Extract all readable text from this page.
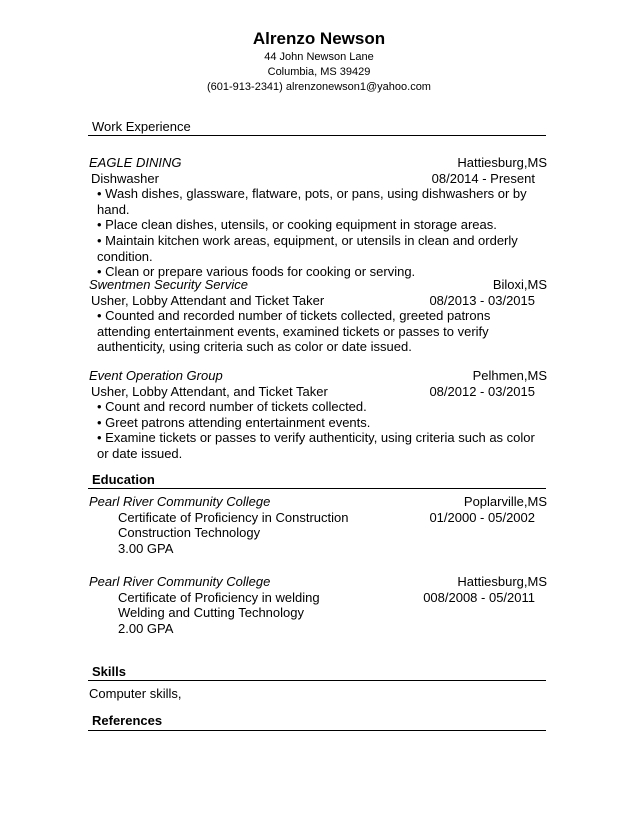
Alrenzo Newson
44 John Newson Lane
Columbia, MS 39429
(601-913-2341) alrenzonewson1@yahoo.com
Work Experience
EAGLE DINING	Hattiesburg,MS
Dishwasher	08/2014 - Present
• Wash dishes, glassware, flatware, pots, or pans, using dishwashers or by hand.
• Place clean dishes, utensils, or cooking equipment in storage areas.
• Maintain kitchen work areas, equipment, or utensils in clean and orderly condition.
• Clean or prepare various foods for cooking or serving.
Swentmen Security Service	Biloxi,MS
Usher, Lobby Attendant and Ticket Taker	08/2013 - 03/2015
• Counted and recorded number of tickets collected, greeted patrons attending entertainment events, examined tickets or passes to verify authenticity, using criteria such as color or date issued.
Event Operation Group	Pelhmen,MS
Usher, Lobby Attendant, and Ticket Taker	08/2012 - 03/2015
• Count and record number of tickets collected.
• Greet patrons attending entertainment events.
• Examine tickets or passes to verify authenticity, using criteria such as color or date issued.
Education
Pearl River Community College	Poplarville,MS
Certificate of Proficiency in Construction	01/2000 - 05/2002
Construction Technology
3.00 GPA
Pearl River Community College	Hattiesburg,MS
Certificate of Proficiency in welding	008/2008 - 05/2011
Welding and Cutting Technology
2.00 GPA
Skills
Computer skills,
References
